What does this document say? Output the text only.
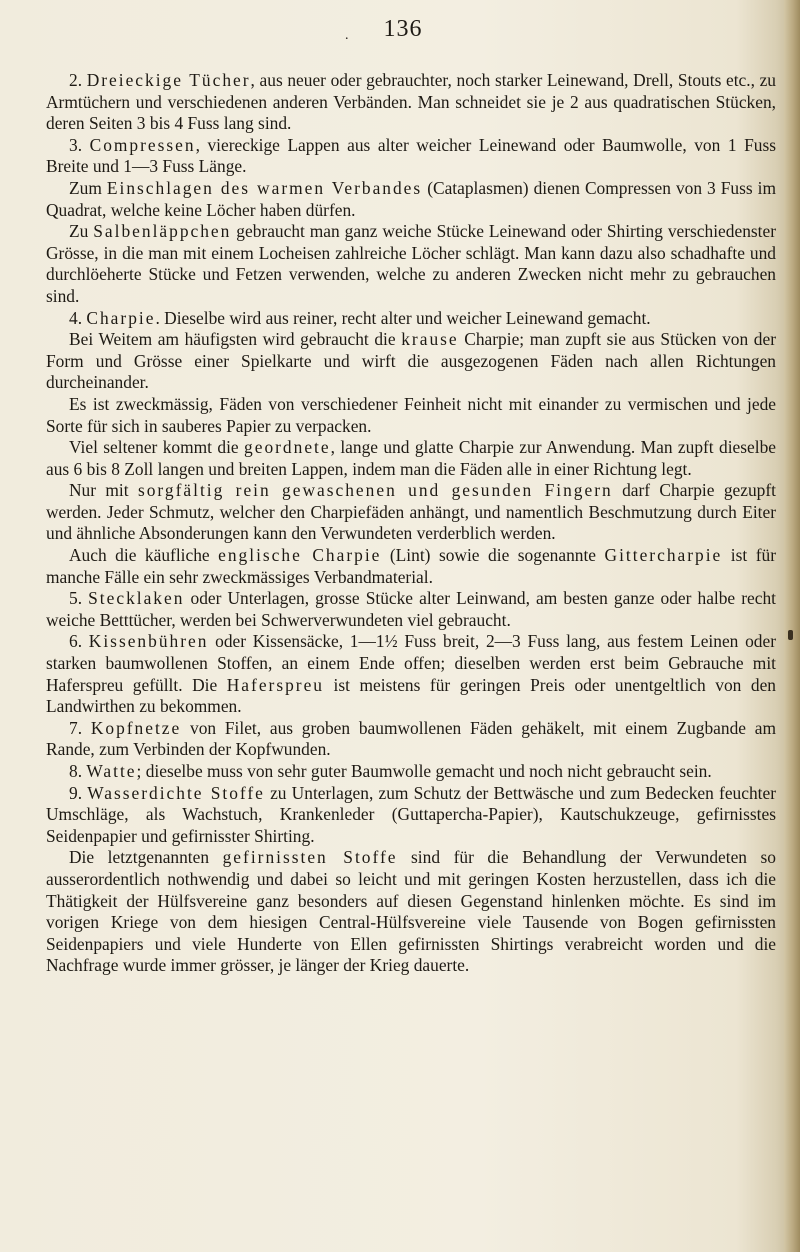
. 136

2. Dreieckige Tücher, aus neuer oder gebrauchter, noch starker Leinewand, Drell, Stouts etc., zu Armtüchern und verschiedenen anderen Verbänden. Man schneidet sie je 2 aus quadratischen Stücken, deren Seiten 3 bis 4 Fuss lang sind.

3. Compressen, viereckige Lappen aus alter weicher Leinewand oder Baumwolle, von 1 Fuss Breite und 1—3 Fuss Länge.

Zum Einschlagen des warmen Verbandes (Cataplasmen) dienen Compressen von 3 Fuss im Quadrat, welche keine Löcher haben dürfen.

Zu Salbenläppchen gebraucht man ganz weiche Stücke Leinewand oder Shirting verschiedenster Grösse, in die man mit einem Locheisen zahlreiche Löcher schlägt. Man kann dazu also schadhafte und durchlöeherte Stücke und Fetzen verwenden, welche zu anderen Zwecken nicht mehr zu gebrauchen sind.

4. Charpie. Dieselbe wird aus reiner, recht alter und weicher Leinewand gemacht.

Bei Weitem am häufigsten wird gebraucht die krause Charpie; man zupft sie aus Stücken von der Form und Grösse einer Spielkarte und wirft die ausgezogenen Fäden nach allen Richtungen durcheinander.

Es ist zweckmässig, Fäden von verschiedener Feinheit nicht mit einander zu vermischen und jede Sorte für sich in sauberes Papier zu verpacken.

Viel seltener kommt die geordnete, lange und glatte Charpie zur Anwendung. Man zupft dieselbe aus 6 bis 8 Zoll langen und breiten Lappen, indem man die Fäden alle in einer Richtung legt.

Nur mit sorgfältig rein gewaschenen und gesunden Fingern darf Charpie gezupft werden. Jeder Schmutz, welcher den Charpiefäden anhängt, und namentlich Beschmutzung durch Eiter und ähnliche Absonderungen kann den Verwundeten verderblich werden.

Auch die käufliche englische Charpie (Lint) sowie die sogenannte Gittercharpie ist für manche Fälle ein sehr zweckmässiges Verbandmaterial.

5. Stecklaken oder Unterlagen, grosse Stücke alter Leinwand, am besten ganze oder halbe recht weiche Betttücher, werden bei Schwerverwundeten viel gebraucht.

6. Kissenbühren oder Kissensäcke, 1—1½ Fuss breit, 2—3 Fuss lang, aus festem Leinen oder starken baumwollenen Stoffen, an einem Ende offen; dieselben werden erst beim Gebrauche mit Haferspreu gefüllt. Die Haferspreu ist meistens für geringen Preis oder unentgeltlich von den Landwirthen zu bekommen.

7. Kopfnetze von Filet, aus groben baumwollenen Fäden gehäkelt, mit einem Zugbande am Rande, zum Verbinden der Kopfwunden.

8. Watte; dieselbe muss von sehr guter Baumwolle gemacht und noch nicht gebraucht sein.

9. Wasserdichte Stoffe zu Unterlagen, zum Schutz der Bettwäsche und zum Bedecken feuchter Umschläge, als Wachstuch, Krankenleder (Guttapercha-Papier), Kautschukzeuge, gefirnisstes Seidenpapier und gefirnisster Shirting.

Die letztgenannten gefirnissten Stoffe sind für die Behandlung der Verwundeten so ausserordentlich nothwendig und dabei so leicht und mit geringen Kosten herzustellen, dass ich die Thätigkeit der Hülfsvereine ganz besonders auf diesen Gegenstand hinlenken möchte. Es sind im vorigen Kriege von dem hiesigen Central-Hülfsvereine viele Tausende von Bogen gefirnissten Seidenpapiers und viele Hunderte von Ellen gefirnissten Shirtings verabreicht worden und die Nachfrage wurde immer grösser, je länger der Krieg dauerte.
